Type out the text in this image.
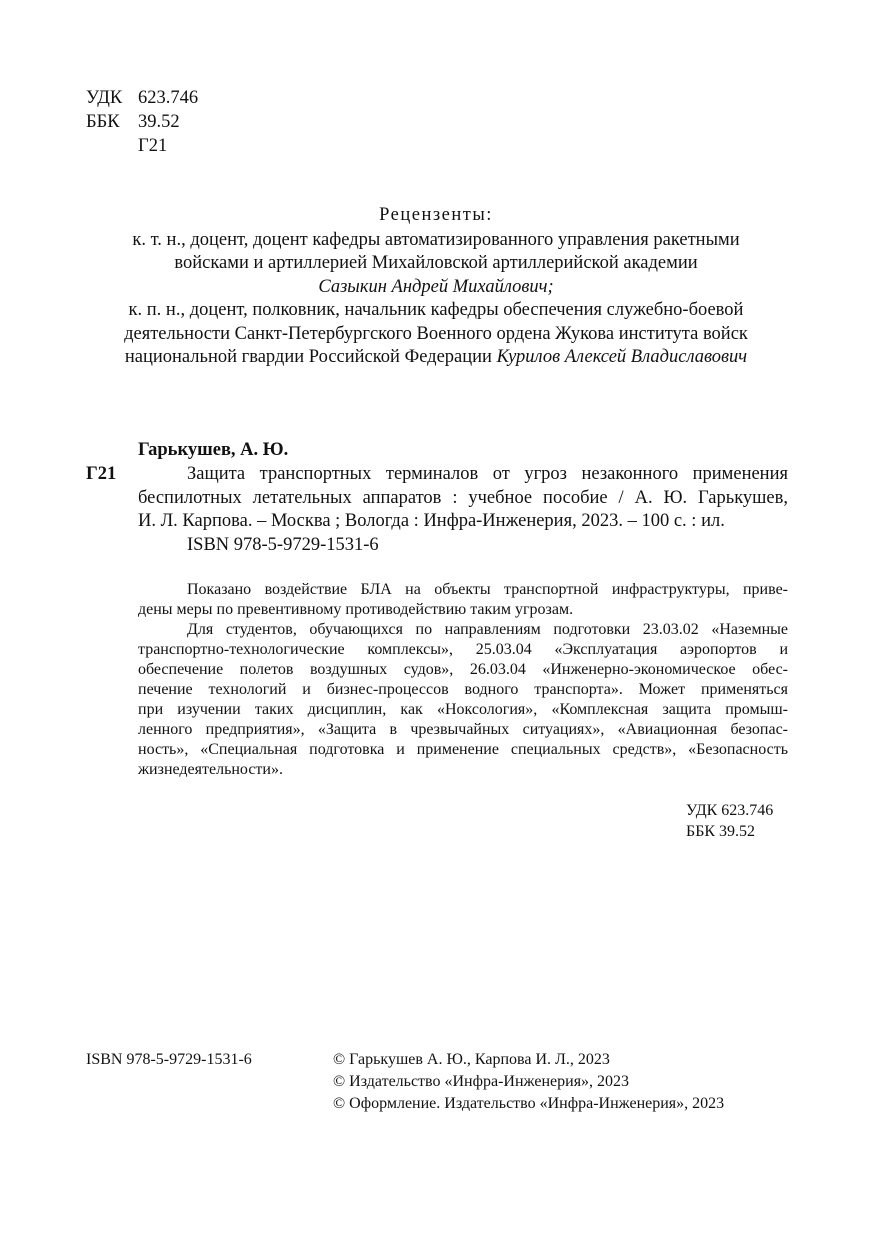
УДК 623.746
ББК 39.52
Г21
Рецензенты:
к. т. н., доцент, доцент кафедры автоматизированного управления ракетными
войсками и артиллерией Михайловской артиллерийской академии
Сазыкин Андрей Михайлович;
к. п. н., доцент, полковник, начальник кафедры обеспечения служебно-боевой
деятельности Санкт-Петербургского Военного ордена Жукова института войск
национальной гвардии Российской Федерации Курилов Алексей Владиславович
Гарькушев, А. Ю.
Г21	Защита транспортных терминалов от угроз незаконного применения
беспилотных летательных аппаратов : учебное пособие / А. Ю. Гарькушев,
И. Л. Карпова. – Москва ; Вологда : Инфра-Инженерия, 2023. – 100 с. : ил.
ISBN 978-5-9729-1531-6
Показано воздействие БЛА на объекты транспортной инфраструктуры, приве-
дены меры по превентивному противодействию таким угрозам.
Для студентов, обучающихся по направлениям подготовки 23.03.02 «Наземные
транспортно-технологические комплексы», 25.03.04 «Эксплуатация аэропортов и
обеспечение полетов воздушных судов», 26.03.04 «Инженерно-экономическое обес-
печение технологий и бизнес-процессов водного транспорта». Может применяться
при изучении таких дисциплин, как «Ноксология», «Комплексная защита промыш-
ленного предприятия», «Защита в чрезвычайных ситуациях», «Авиационная безопас-
ность», «Специальная подготовка и применение специальных средств», «Безопасность
жизнедеятельности».
УДК 623.746
ББК 39.52
ISBN 978-5-9729-1531-6	© Гарькушев А. Ю., Карпова И. Л., 2023
© Издательство «Инфра-Инженерия», 2023
© Оформление. Издательство «Инфра-Инженерия», 2023
